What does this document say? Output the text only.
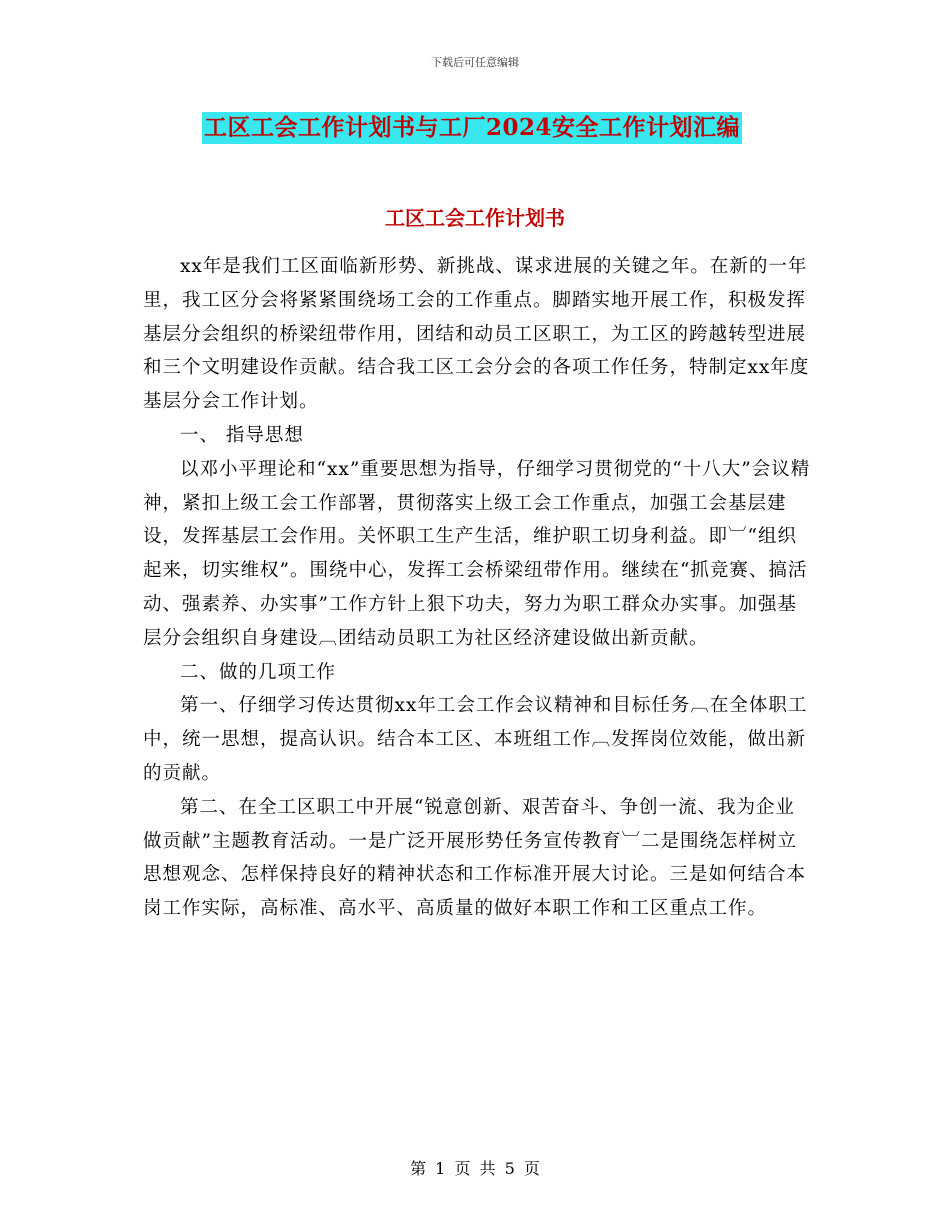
下载后可任意编辑
工区工会工作计划书与工厂2024安全工作计划汇编
工区工会工作计划书

xx年是我们工区面临新形势、新挑战、谋求进展的关键之年。在新的一年里，我工区分会将紧紧围绕场工会的工作重点。脚踏实地开展工作，积极发挥基层分会组织的桥梁纽带作用，团结和动员工区职工，为工区的跨越转型进展和三个文明建设作贡献。结合我工区工会分会的各项工作任务，特制定xx年度基层分会工作计划。

一、 指导思想

以邓小平理论和“xx”重要思想为指导，仔细学习贯彻党的“十八大”会议精神，紧扣上级工会工作部署，贯彻落实上级工会工作重点，加强工会基层建设，发挥基层工会作用。关怀职工生产生活，维护职工切身利益。即︺“组织起来，切实维权”。围绕中心，发挥工会桥梁纽带作用。继续在“抓竞赛、搞活动、强素养、办实事”工作方针上狠下功夫，努力为职工群众办实事。加强基层分会组织自身建设︹团结动员职工为社区经济建设做出新贡献。

二、做的几项工作

第一、仔细学习传达贯彻xx年工会工作会议精神和目标任务︹在全体职工中，统一思想，提高认识。结合本工区、本班组工作︹发挥岗位效能，做出新的贡献。

第二、在全工区职工中开展“锐意创新、艰苦奋斗、争创一流、我为企业做贡献”主题教育活动。一是广泛开展形势任务宣传教育︺二是围绕怎样树立思想观念、怎样保持良好的精神状态和工作标准开展大讨论。三是如何结合本岗工作实际，高标准、高水平、高质量的做好本职工作和工区重点工作。

第 1 页 共 5 页
